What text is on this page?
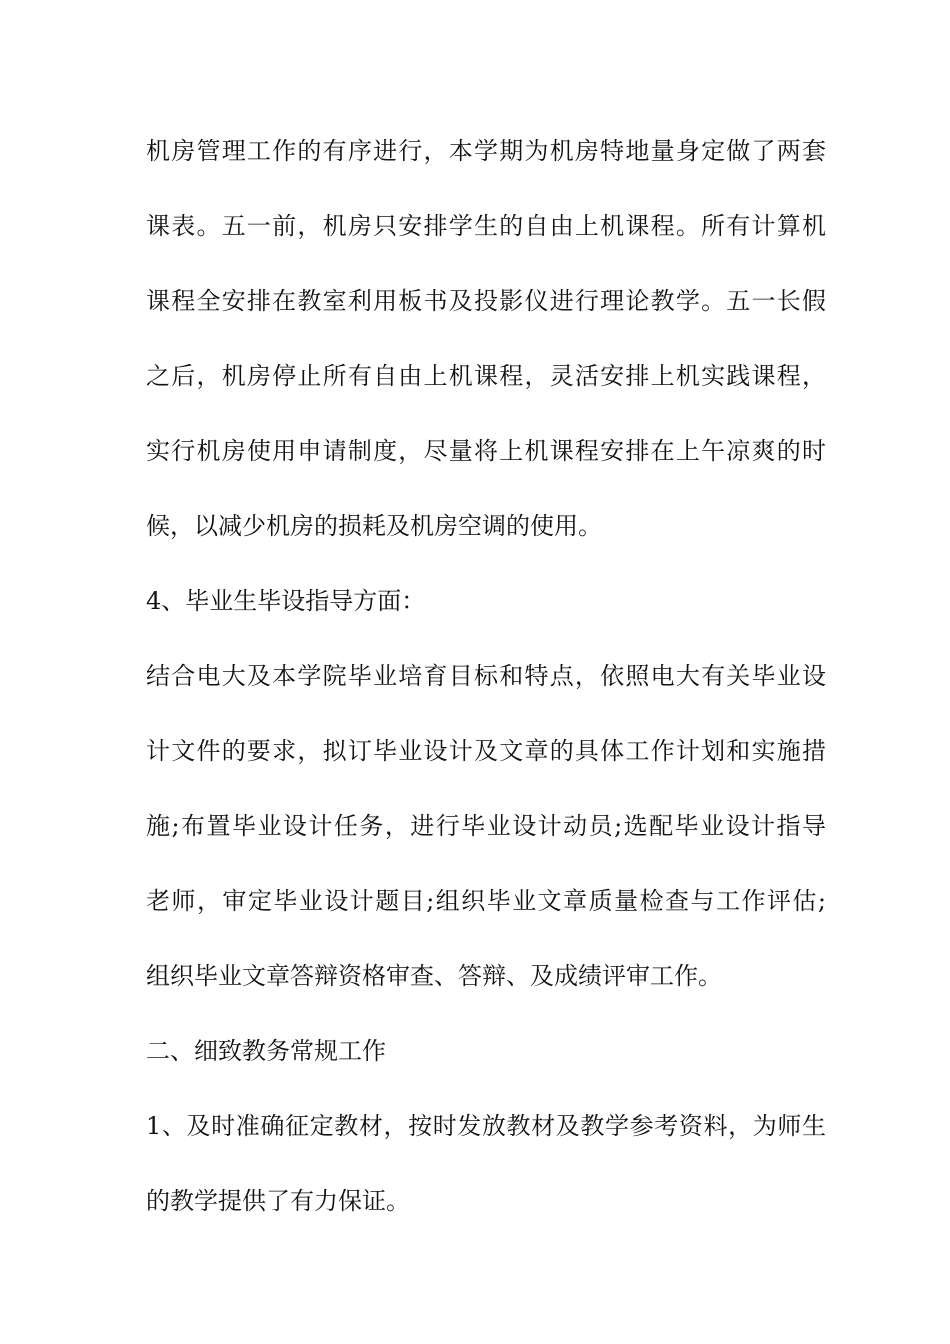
机房管理工作的有序进行，本学期为机房特地量身定做了两套
课表。五一前，机房只安排学生的自由上机课程。所有计算机
课程全安排在教室利用板书及投影仪进行理论教学。五一长假
之后，机房停止所有自由上机课程，灵活安排上机实践课程，
实行机房使用申请制度，尽量将上机课程安排在上午凉爽的时
候，以减少机房的损耗及机房空调的使用。
4、毕业生毕设指导方面：
结合电大及本学院毕业培育目标和特点，依照电大有关毕业设
计文件的要求，拟订毕业设计及文章的具体工作计划和实施措
施;布置毕业设计任务，进行毕业设计动员;选配毕业设计指导
老师，审定毕业设计题目;组织毕业文章质量检查与工作评估;
组织毕业文章答辩资格审查、答辩、及成绩评审工作。
二、细致教务常规工作
1、及时准确征定教材，按时发放教材及教学参考资料，为师生
的教学提供了有力保证。
